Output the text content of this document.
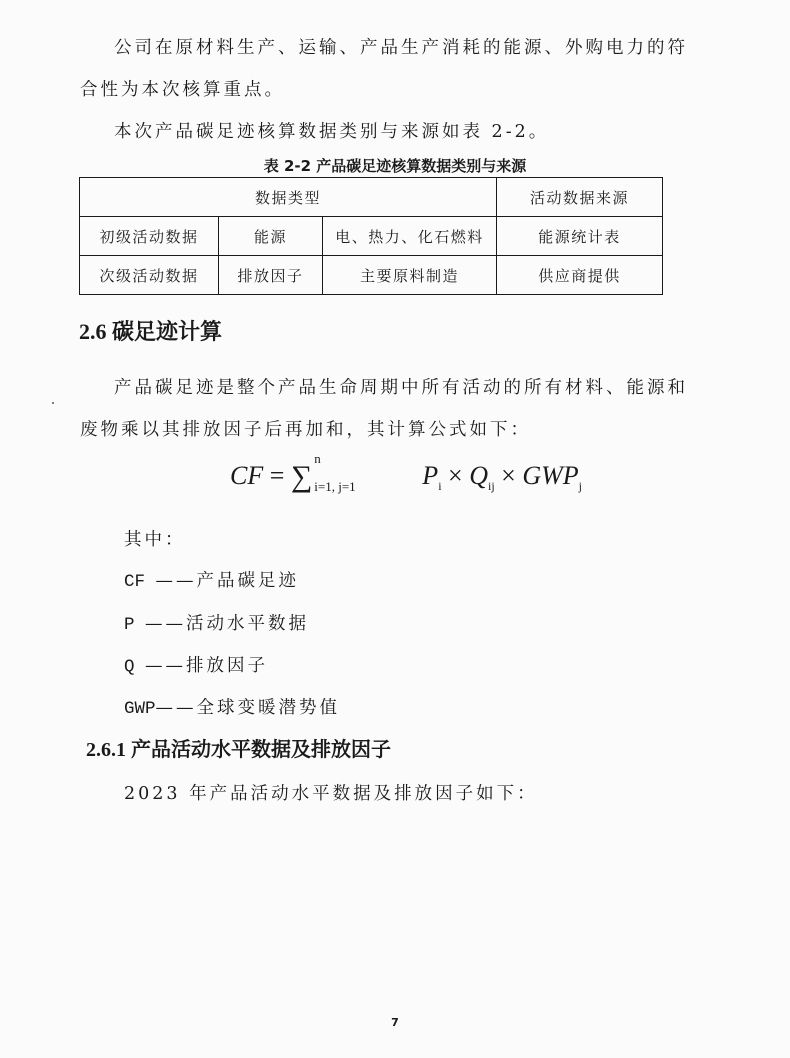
公司在原材料生产、运输、产品生产消耗的能源、外购电力的符
合性为本次核算重点。
本次产品碳足迹核算数据类别与来源如表 2-2。
表 2-2 产品碳足迹核算数据类别与来源
数据类型			活动数据来源
初级活动数据	能源	电、热力、化石燃料	能源统计表
次级活动数据	排放因子	主要原料制造	供应商提供
2.6 碳足迹计算
产品碳足迹是整个产品生命周期中所有活动的所有材料、能源和
废物乘以其排放因子后再加和，其计算公式如下：
CF = ∑
n
i=1, j=1	$P_i \times Q_{ij} \times GWP_j$
其中：
CF ——产品碳足迹
P ——活动水平数据
Q ——排放因子
GWP——全球变暖潜势值
2.6.1 产品活动水平数据及排放因子
2023 年产品活动水平数据及排放因子如下：
7
